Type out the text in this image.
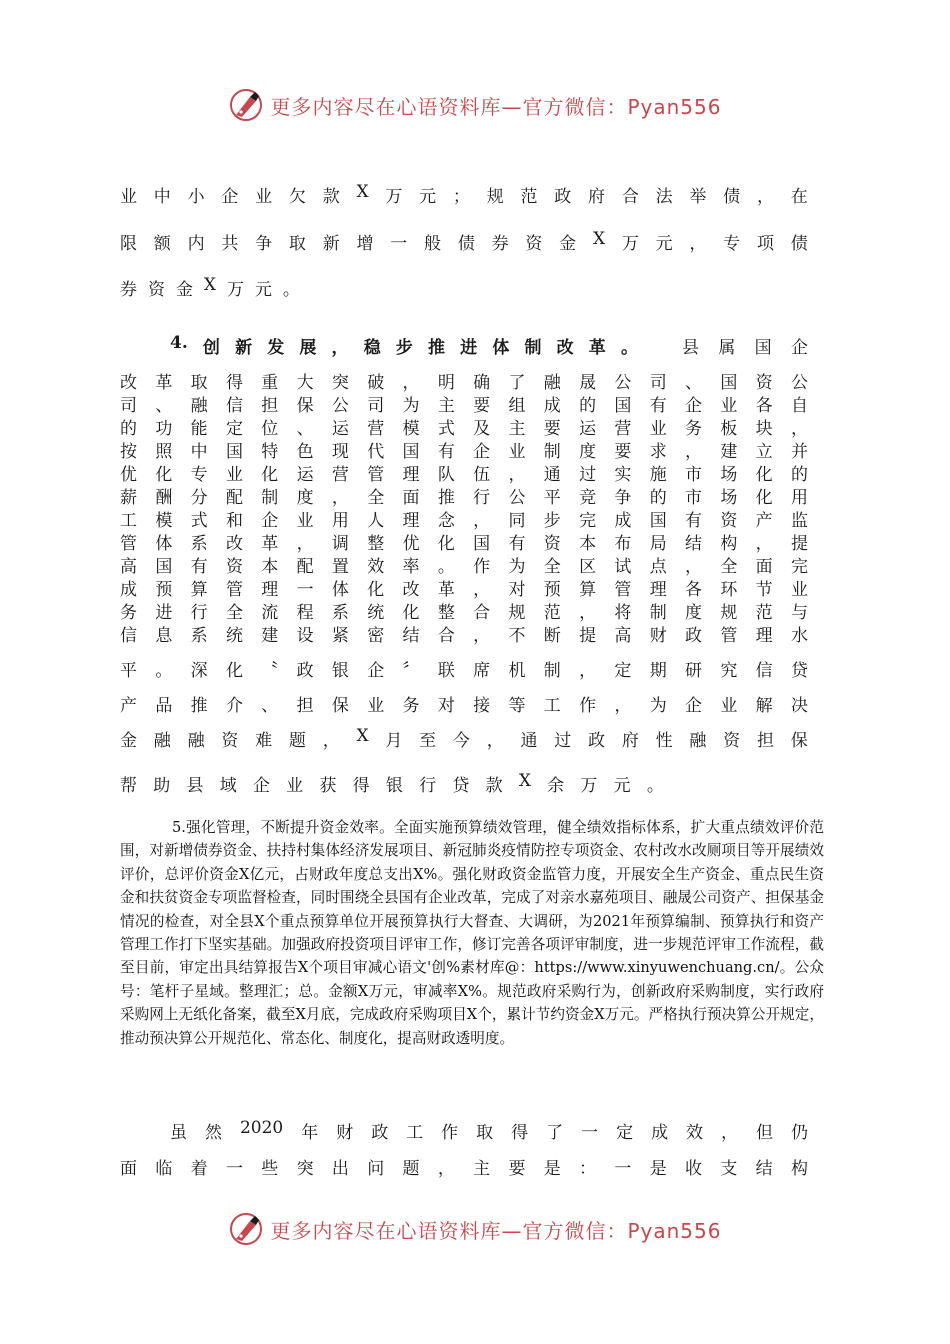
更多内容尽在心语资料库—官方微信：Pyan556
业 中 小 企 业 欠 款 X 万 元 ； 规 范 政 府 合 法 举 债 ， 在
限 额 内 共 争 取 新 增 一 般 债 券 资 金 X 万 元 ， 专 项 债
券 资 金 X 万 元 。
4. 创 新 发 展 ， 稳 步 推 进 体 制 改 革 。	县 属 国 企
改 革 取 得 重 大 突 破 ， 明 确 了 融 晟 公 司 、 国 资 公
司 、 融 信 担 保 公 司 为 主 要 组 成 的 国 有 企 业 各 自
的 功 能 定 位 、 运 营 模 式 及 主 要 运 营 业 务 板 块 ，
按 照 中 国 特 色 现 代 国 有 企 业 制 度 要 求 ， 建 立 并
优 化 专 业 化 运 营 管 理 队 伍 ， 通 过 实 施 市 场 化 的
薪 酬 分 配 制 度 ， 全 面 推 行 公 平 竞 争 的 市 场 化 用
工 模 式 和 企 业 用 人 理 念 ， 同 步 完 成 国 有 资 产 监
管 体 系 改 革 ， 调 整 优 化 国 有 资 本 布 局 结 构 ， 提
高 国 有 资 本 配 置 效 率 。 作 为 全 区 试 点 ， 全 面 完
成 预 算 管 理 一 体 化 改 革 ， 对 预 算 管 理 各 环 节 业
务 进 行 全 流 程 系 统 化 整 合 规 范 ， 将 制 度 规 范 与
信 息 系 统 建 设 紧 密 结 合 ， 不 断 提 高 财 政 管 理 水
平 。 深 化 〝 政 银 企 〞 联 席 机 制 ， 定 期 研 究 信 贷
产 品 推 介 、 担 保 业 务 对 接 等 工 作 ， 为 企 业 解 决
金 融 融 资 难 题 ， X 月 至 今 ， 通 过 政 府 性 融 资 担 保
帮 助 县 域 企 业 获 得 银 行 贷 款 X 余 万 元 。
5.强化管理，不断提升资金效率。全面实施预算绩效管理，健全绩效指标体系，扩大重点绩效评价范围，对新增债券资金、扶持村集体经济发展项目、新冠肺炎疫情防控专项资金、农村改水改厕项目等开展绩效评价，总评价资金X亿元，占财政年度总支出X%。强化财政资金监管力度，开展安全生产资金、重点民生资金和扶贫资金专项监督检查，同时围绕全县国有企业改革，完成了对亲水嘉苑项目、融晟公司资产、担保基金情况的检查，对全县X个重点预算单位开展预算执行大督查、大调研，为2021年预算编制、预算执行和资产管理工作打下坚实基础。加强政府投资项目评审工作，修订完善各项评审制度，进一步规范评审工作流程，截至目前，审定出具结算报告X个项目审减心语文'创%素材库@：https://www.xinyuwenchuang.cn/。公众号：笔杆子星域。整理汇；总。金额X万元，审减率X%。规范政府采购行为，创新政府采购制度，实行政府采购网上无纸化备案，截至X月底，完成政府采购项目X个，累计节约资金X万元。严格执行预决算公开规定，推动预决算公开规范化、常态化、制度化，提高财政透明度。
虽 然 2020 年 财 政 工 作 取 得 了 一 定 成 效 ， 但 仍
面 临 着 一 些 突 出 问 题 ， 主 要 是 ： 一 是 收 支 结 构
更多内容尽在心语资料库—官方微信：Pyan556
